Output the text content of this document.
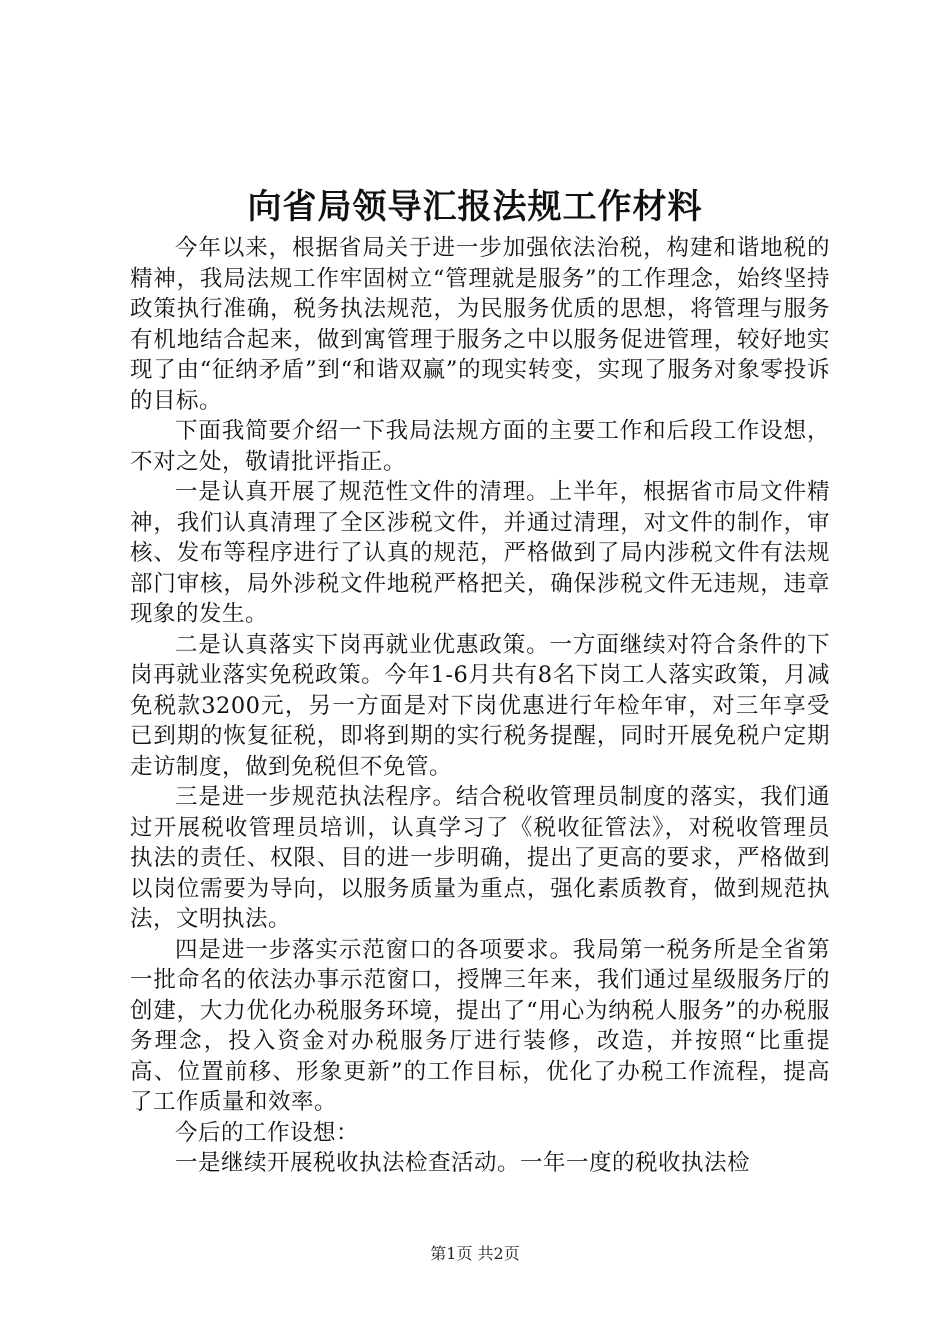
向省局领导汇报法规工作材料

今年以来，根据省局关于进一步加强依法治税，构建和谐地税的精神，我局法规工作牢固树立“管理就是服务”的工作理念，始终坚持政策执行准确，税务执法规范，为民服务优质的思想，将管理与服务有机地结合起来，做到寓管理于服务之中以服务促进管理，较好地实现了由“征纳矛盾”到“和谐双赢”的现实转变，实现了服务对象零投诉的目标。

下面我简要介绍一下我局法规方面的主要工作和后段工作设想，不对之处，敬请批评指正。

一是认真开展了规范性文件的清理。上半年，根据省市局文件精神，我们认真清理了全区涉税文件，并通过清理，对文件的制作，审核、发布等程序进行了认真的规范，严格做到了局内涉税文件有法规部门审核，局外涉税文件地税严格把关，确保涉税文件无违规，违章现象的发生。

二是认真落实下岗再就业优惠政策。一方面继续对符合条件的下岗再就业落实免税政策。今年1-6月共有8名下岗工人落实政策，月减免税款3200元，另一方面是对下岗优惠进行年检年审，对三年享受已到期的恢复征税，即将到期的实行税务提醒，同时开展免税户定期走访制度，做到免税但不免管。

三是进一步规范执法程序。结合税收管理员制度的落实，我们通过开展税收管理员培训，认真学习了《税收征管法》，对税收管理员执法的责任、权限、目的进一步明确，提出了更高的要求，严格做到以岗位需要为导向，以服务质量为重点，强化素质教育，做到规范执法，文明执法。

四是进一步落实示范窗口的各项要求。我局第一税务所是全省第一批命名的依法办事示范窗口，授牌三年来，我们通过星级服务厅的创建，大力优化办税服务环境，提出了“用心为纳税人服务”的办税服务理念，投入资金对办税服务厅进行装修，改造，并按照“比重提高、位置前移、形象更新”的工作目标，优化了办税工作流程，提高了工作质量和效率。

今后的工作设想：

一是继续开展税收执法检查活动。一年一度的税收执法检

第1页 共2页
